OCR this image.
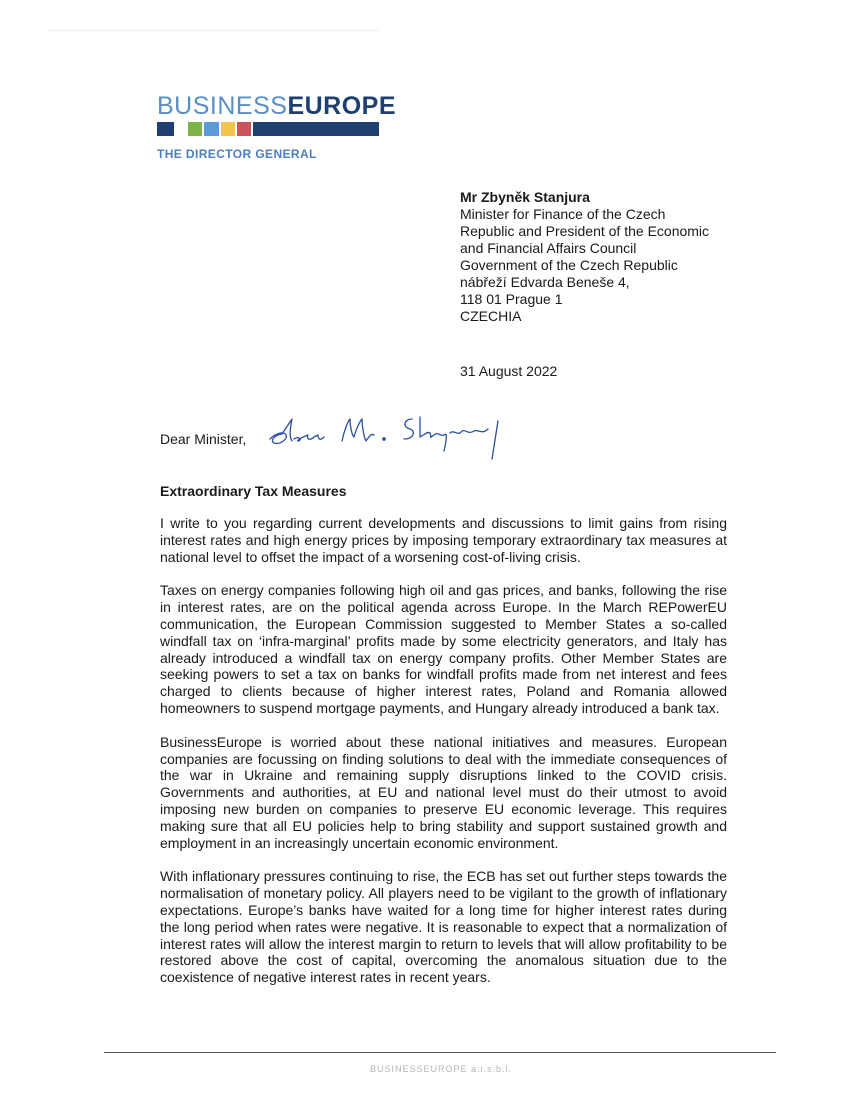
BUSINESSEUROPE
THE DIRECTOR GENERAL
Mr Zbyněk Stanjura
Minister for Finance of the Czech
Republic and President of the Economic
and Financial Affairs Council
Government of the Czech Republic
nábřeží Edvarda Beneše 4,
118 01 Prague 1
CZECHIA
31 August 2022
Dear Minister,
Extraordinary Tax Measures

I write to you regarding current developments and discussions to limit gains from rising interest rates and high energy prices by imposing temporary extraordinary tax measures at national level to offset the impact of a worsening cost-of-living crisis.

Taxes on energy companies following high oil and gas prices, and banks, following the rise in interest rates, are on the political agenda across Europe. In the March REPowerEU communication, the European Commission suggested to Member States a so-called windfall tax on ‘infra-marginal’ profits made by some electricity generators, and Italy has already introduced a windfall tax on energy company profits. Other Member States are seeking powers to set a tax on banks for windfall profits made from net interest and fees charged to clients because of higher interest rates, Poland and Romania allowed homeowners to suspend mortgage payments, and Hungary already introduced a bank tax.

BusinessEurope is worried about these national initiatives and measures. European companies are focussing on finding solutions to deal with the immediate consequences of the war in Ukraine and remaining supply disruptions linked to the COVID crisis. Governments and authorities, at EU and national level must do their utmost to avoid imposing new burden on companies to preserve EU economic leverage. This requires making sure that all EU policies help to bring stability and support sustained growth and employment in an increasingly uncertain economic environment.

With inflationary pressures continuing to rise, the ECB has set out further steps towards the normalisation of monetary policy. All players need to be vigilant to the growth of inflationary expectations. Europe’s banks have waited for a long time for higher interest rates during the long period when rates were negative. It is reasonable to expect that a normalization of interest rates will allow the interest margin to return to levels that will allow profitability to be restored above the cost of capital, overcoming the anomalous situation due to the coexistence of negative interest rates in recent years.

BUSINESSEUROPE a.i.s.b.l.
